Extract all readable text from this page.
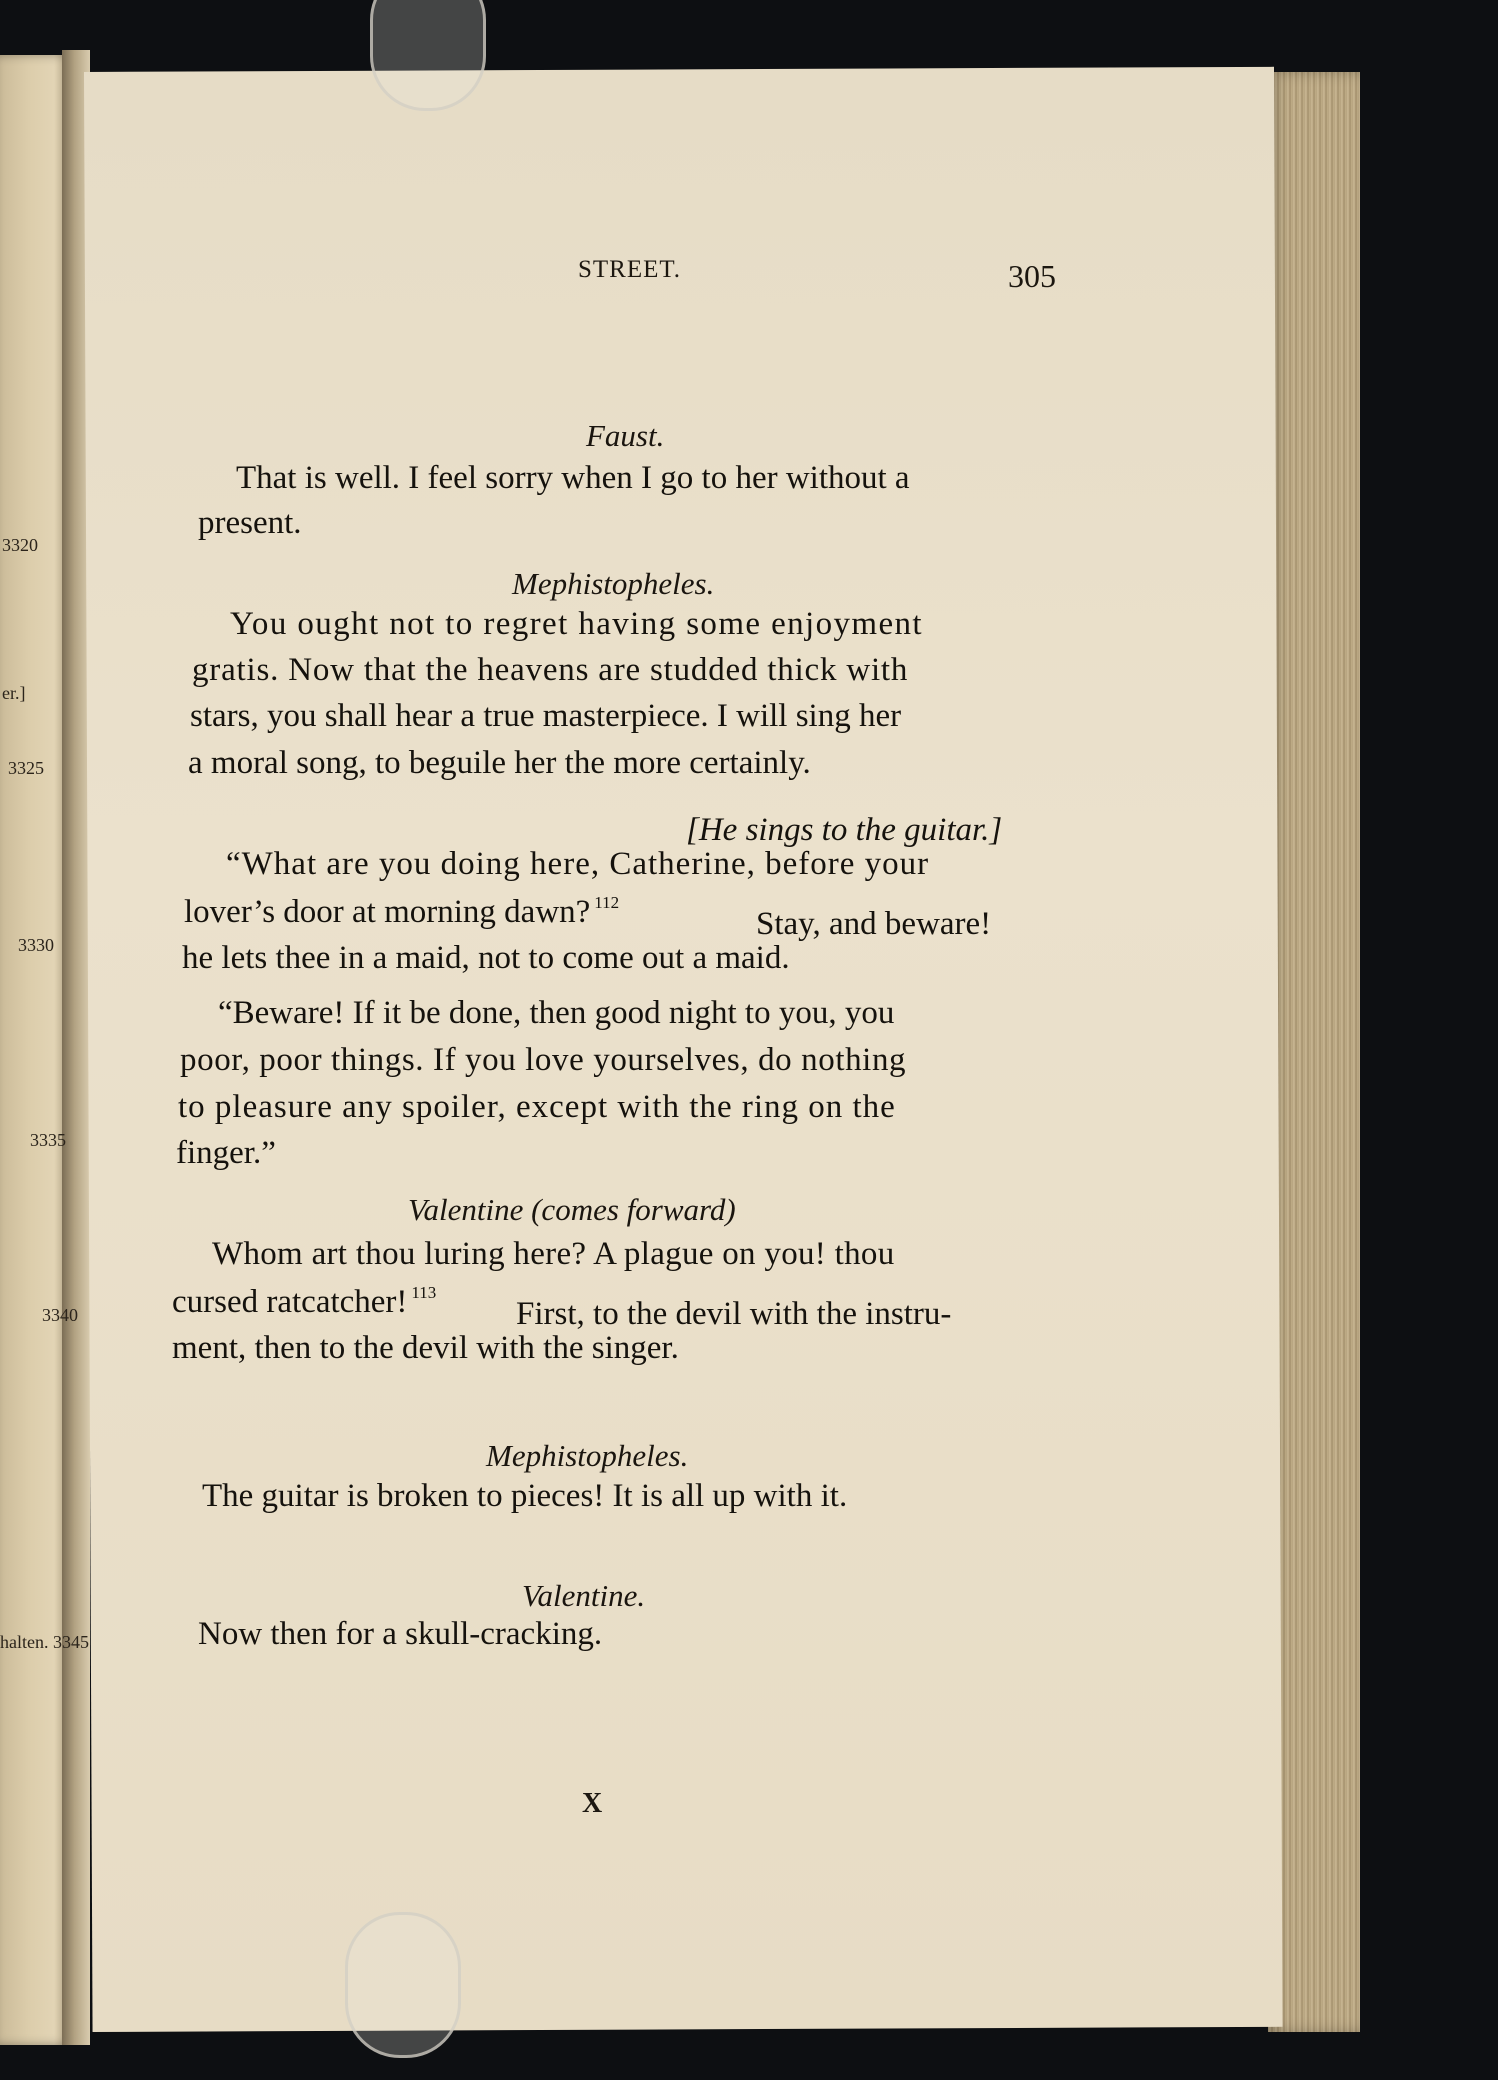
3320
er.]
3325
3330
3335
3340
halten. 3345
STREET.	305
Faust.
That is well. I feel sorry when I go to her without a
present.
Mephistopheles.
You ought not to regret having some enjoyment
gratis. Now that the heavens are studded thick with
stars, you shall hear a true masterpiece. I will sing her
a moral song, to beguile her the more certainly.
[He sings to the guitar.]
“What are you doing here, Catherine, before your
lover’s door at morning dawn? $^{112}$
Stay, and beware!
he lets thee in a maid, not to come out a maid.
“Beware! If it be done, then good night to you, you
poor, poor things. If you love yourselves, do nothing
to pleasure any spoiler, except with the ring on the
finger.”
Valentine (comes forward)
Whom art thou luring here? A plague on you! thou
cursed ratcatcher! $^{113}$
First, to the devil with the instru-
ment, then to the devil with the singer.
Mephistopheles.
The guitar is broken to pieces! It is all up with it.
Valentine.
Now then for a skull-cracking.
X
